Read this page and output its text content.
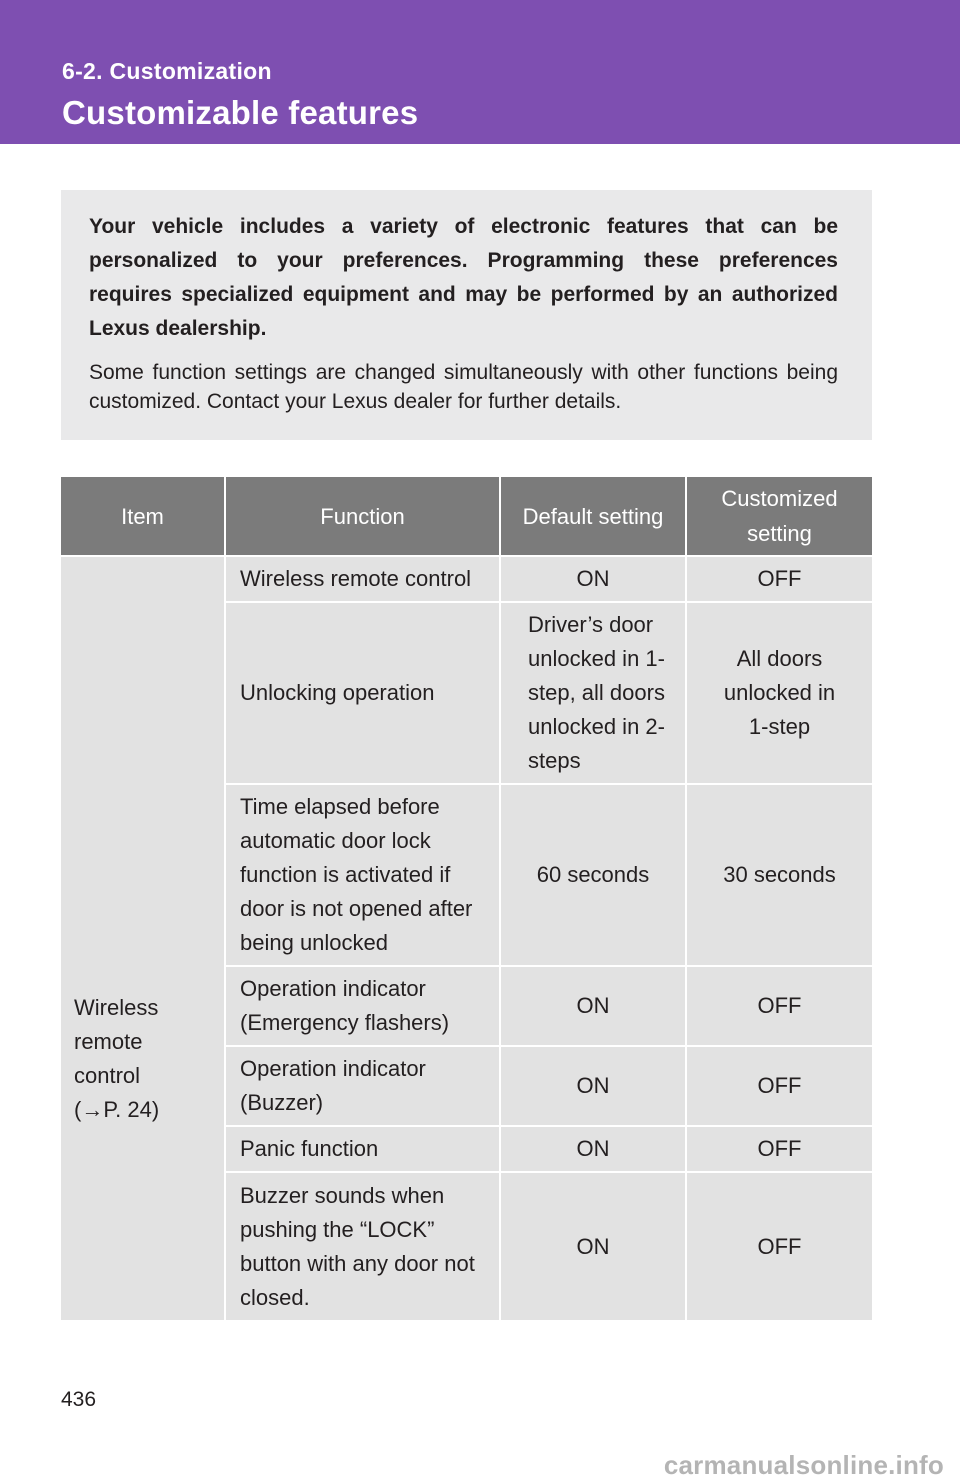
6-2. Customization
Customizable features

Your vehicle includes a variety of electronic features that can be personalized to your preferences. Programming these preferences requires specialized equipment and may be performed by an authorized Lexus dealership.

Some function settings are changed simultaneously with other functions being customized. Contact your Lexus dealer for further details.

Item	Function	Default setting	Customized setting

Wireless remote control
(→P. 24)	Wireless remote control	ON	OFF
	Unlocking operation	Driver’s door unlocked in 1-step, all doors unlocked in 2-steps	All doors unlocked in 1-step
	Time elapsed before automatic door lock function is activated if door is not opened after being unlocked	60 seconds	30 seconds
	Operation indicator (Emergency flashers)	ON	OFF
	Operation indicator (Buzzer)	ON	OFF
	Panic function	ON	OFF
	Buzzer sounds when pushing the “LOCK” button with any door not closed.	ON	OFF
436
carmanualsonline.info
